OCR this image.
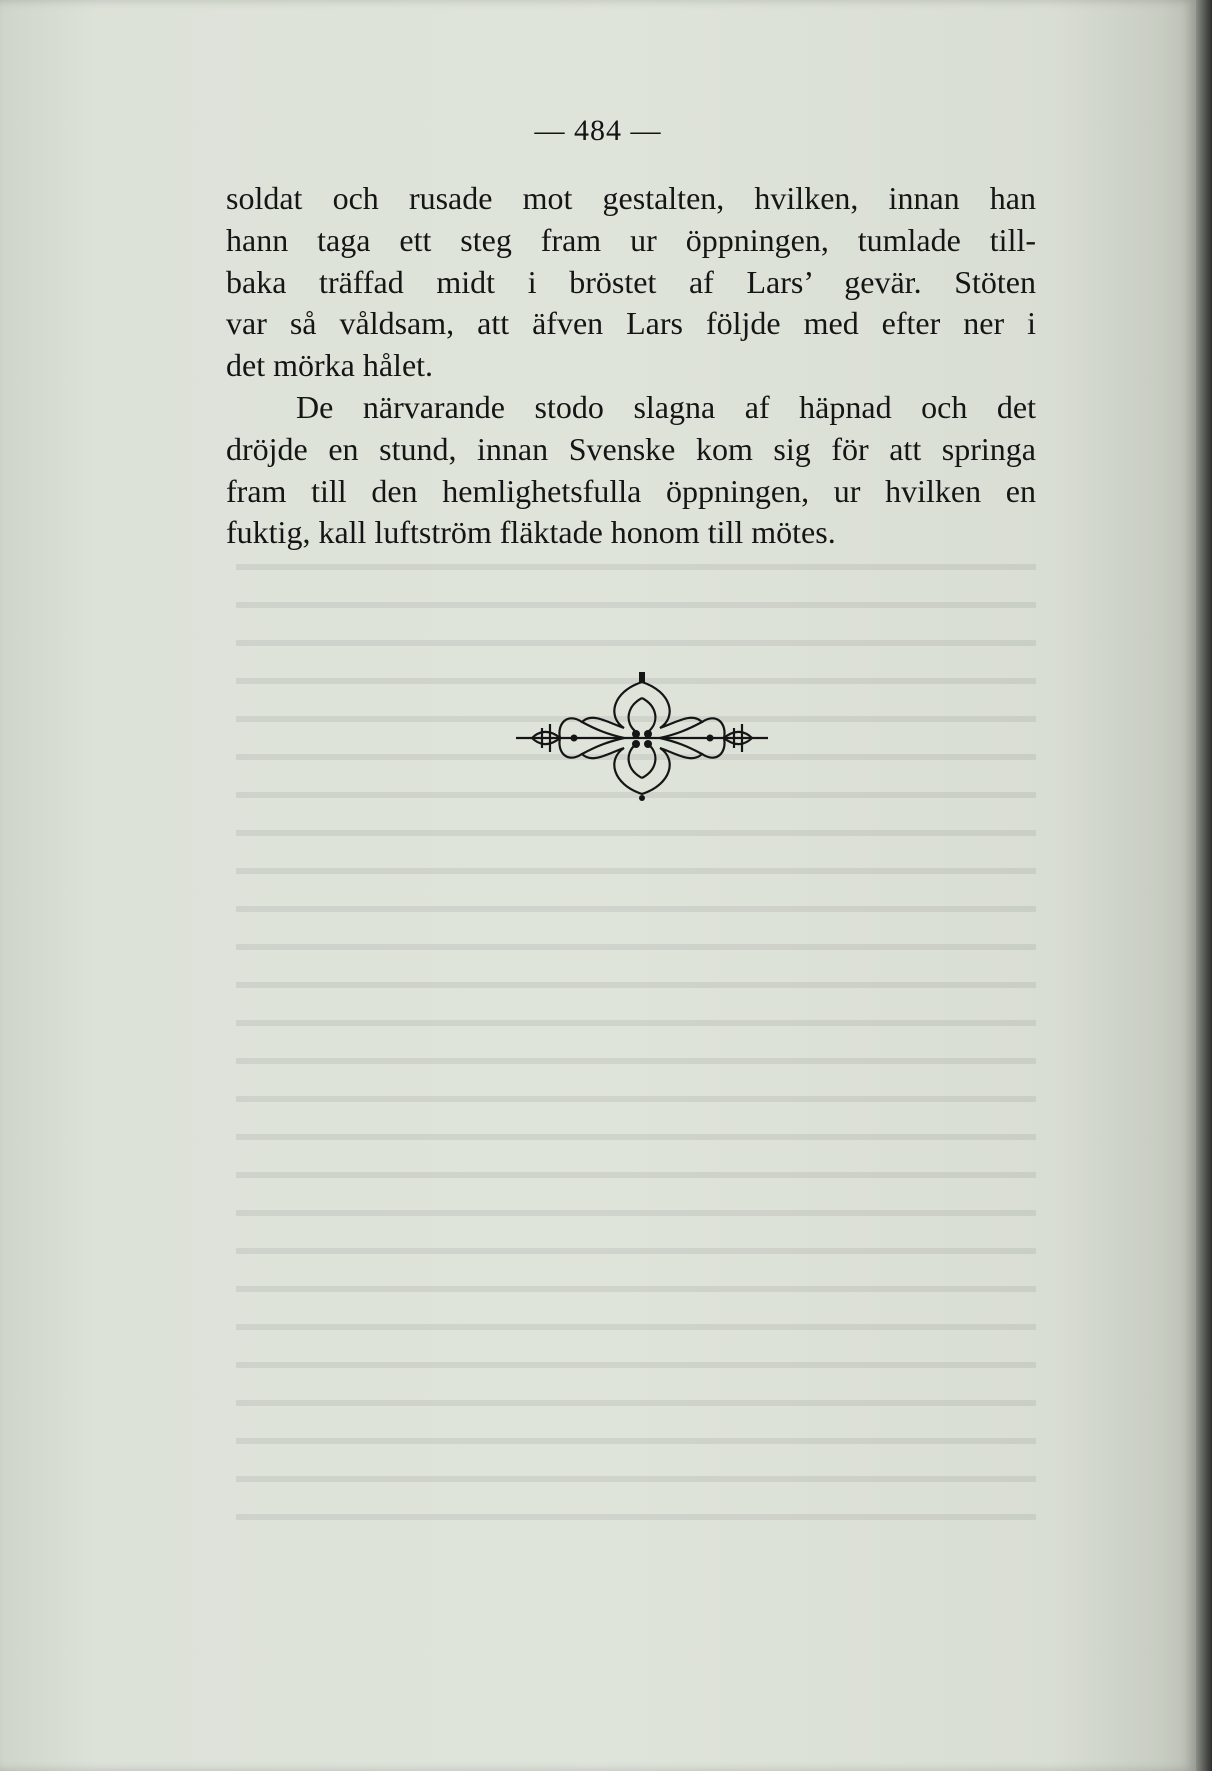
— 484 —

soldat och rusade mot gestalten, hvilken, innan han
hann taga ett steg fram ur öppningen, tumlade till-
baka träffad midt i bröstet af Lars’ gevär. Stöten
var så våldsam, att äfven Lars följde med efter ner i
det mörka hålet.

De närvarande stodo slagna af häpnad och det
dröjde en stund, innan Svenske kom sig för att springa
fram till den hemlighetsfulla öppningen, ur hvilken en
fuktig, kall luftström fläktade honom till mötes.
